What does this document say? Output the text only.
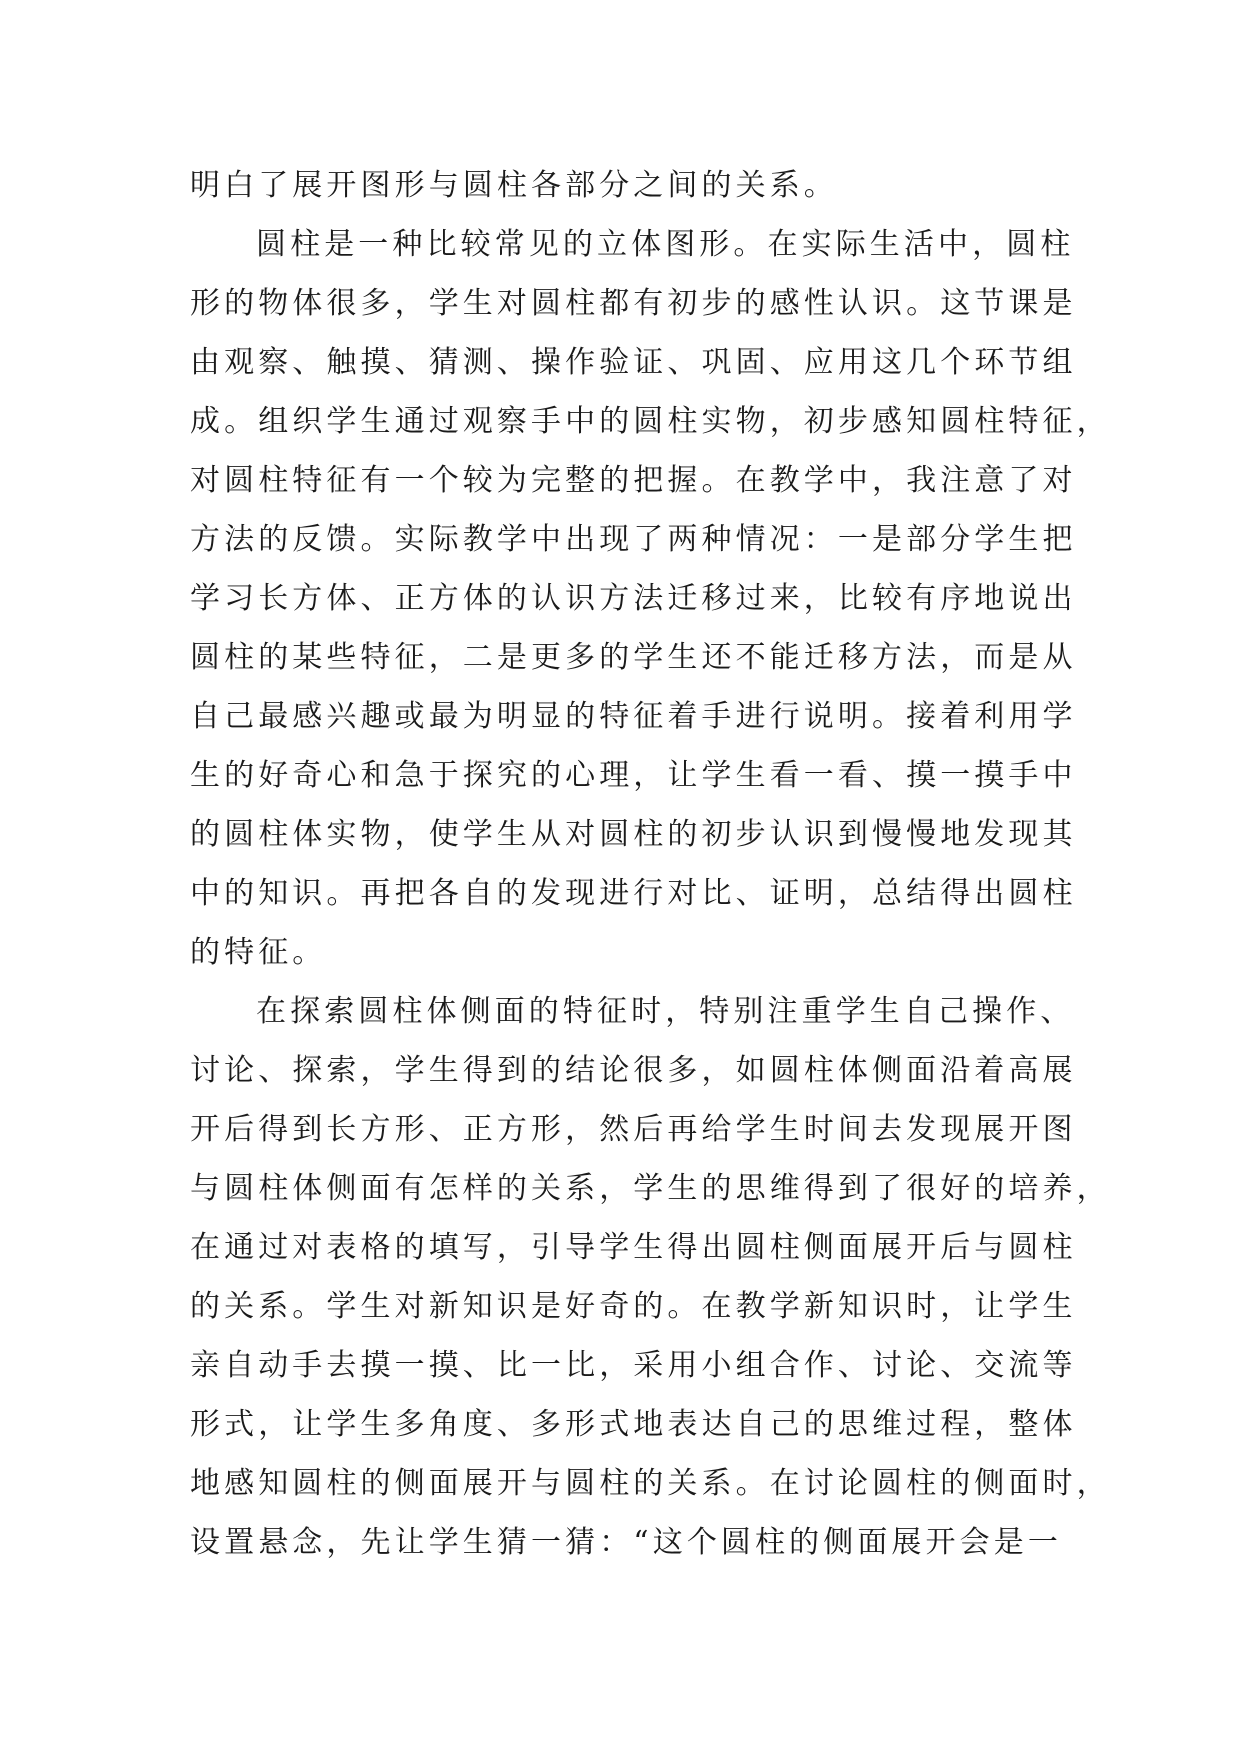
明白了展开图形与圆柱各部分之间的关系。
圆柱是一种比较常见的立体图形。在实际生活中，圆柱
形的物体很多，学生对圆柱都有初步的感性认识。这节课是
由观察、触摸、猜测、操作验证、巩固、应用这几个环节组
成。组织学生通过观察手中的圆柱实物，初步感知圆柱特征，
对圆柱特征有一个较为完整的把握。在教学中，我注意了对
方法的反馈。实际教学中出现了两种情况：一是部分学生把
学习长方体、正方体的认识方法迁移过来，比较有序地说出
圆柱的某些特征，二是更多的学生还不能迁移方法，而是从
自己最感兴趣或最为明显的特征着手进行说明。接着利用学
生的好奇心和急于探究的心理，让学生看一看、摸一摸手中
的圆柱体实物，使学生从对圆柱的初步认识到慢慢地发现其
中的知识。再把各自的发现进行对比、证明，总结得出圆柱
的特征。
在探索圆柱体侧面的特征时，特别注重学生自己操作、
讨论、探索，学生得到的结论很多，如圆柱体侧面沿着高展
开后得到长方形、正方形，然后再给学生时间去发现展开图
与圆柱体侧面有怎样的关系，学生的思维得到了很好的培养，
在通过对表格的填写，引导学生得出圆柱侧面展开后与圆柱
的关系。学生对新知识是好奇的。在教学新知识时，让学生
亲自动手去摸一摸、比一比，采用小组合作、讨论、交流等
形式，让学生多角度、多形式地表达自己的思维过程，整体
地感知圆柱的侧面展开与圆柱的关系。在讨论圆柱的侧面时，
设置悬念，先让学生猜一猜：“这个圆柱的侧面展开会是一
